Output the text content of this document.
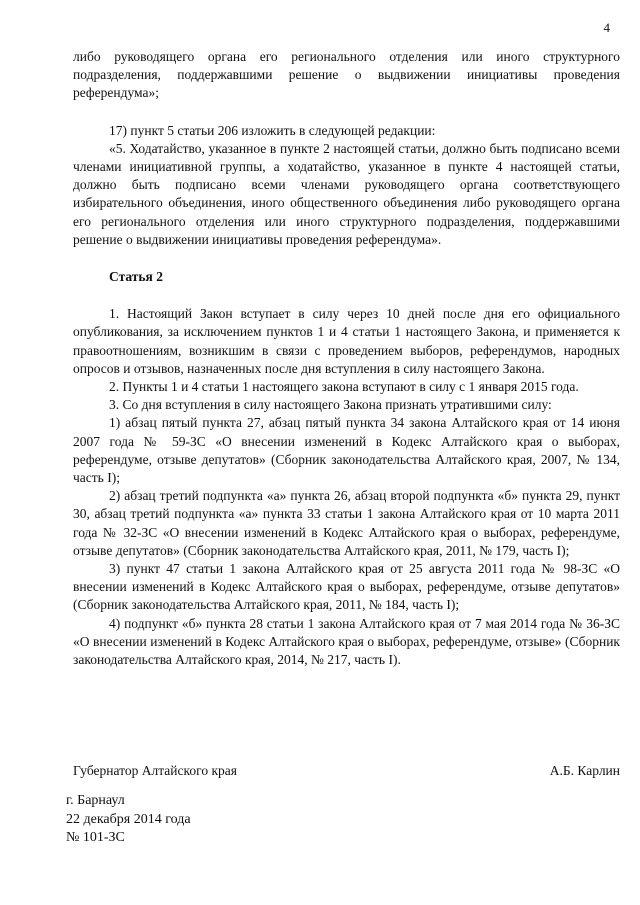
4

либо руководящего органа его регионального отделения или иного структурного подразделения, поддержавшими решение о выдвижении инициативы проведения референдума»;

17) пункт 5 статьи 206 изложить в следующей редакции:

«5. Ходатайство, указанное в пункте 2 настоящей статьи, должно быть подписано всеми членами инициативной группы, а ходатайство, указанное в пункте 4 настоящей статьи, должно быть подписано всеми членами руководящего органа соответствующего избирательного объединения, иного общественного объединения либо руководящего органа его регионального отделения или иного структурного подразделения, поддержавшими решение о выдвижении инициативы проведения референдума».

Статья 2

1. Настоящий Закон вступает в силу через 10 дней после дня его официального опубликования, за исключением пунктов 1 и 4 статьи 1 настоящего Закона, и применяется к правоотношениям, возникшим в связи с проведением выборов, референдумов, народных опросов и отзывов, назначенных после дня вступления в силу настоящего Закона.

2. Пункты 1 и 4 статьи 1 настоящего закона вступают в силу с 1 января 2015 года.

3. Со дня вступления в силу настоящего Закона признать утратившими силу:

1) абзац пятый пункта 27, абзац пятый пункта 34 закона Алтайского края от 14 июня 2007 года № 59-ЗС «О внесении изменений в Кодекс Алтайского края о выборах, референдуме, отзыве депутатов» (Сборник законодательства Алтайского края, 2007, № 134, часть I);

2) абзац третий подпункта «а» пункта 26, абзац второй подпункта «б» пункта 29, пункт 30, абзац третий подпункта «а» пункта 33 статьи 1 закона Алтайского края от 10 марта 2011 года № 32-ЗС «О внесении изменений в Кодекс Алтайского края о выборах, референдуме, отзыве депутатов» (Сборник законодательства Алтайского края, 2011, № 179, часть I);

3) пункт 47 статьи 1 закона Алтайского края от 25 августа 2011 года № 98-ЗС «О внесении изменений в Кодекс Алтайского края о выборах, референдуме, отзыве депутатов» (Сборник законодательства Алтайского края, 2011, № 184, часть I);

4) подпункт «б» пункта 28 статьи 1 закона Алтайского края от 7 мая 2014 года № 36-ЗС «О внесении изменений в Кодекс Алтайского края о выборах, референдуме, отзыве» (Сборник законодательства Алтайского края, 2014, № 217, часть I).

Губернатор Алтайского края	А.Б. Карлин
г. Барнаул
22 декабря 2014 года
№ 101-ЗС
